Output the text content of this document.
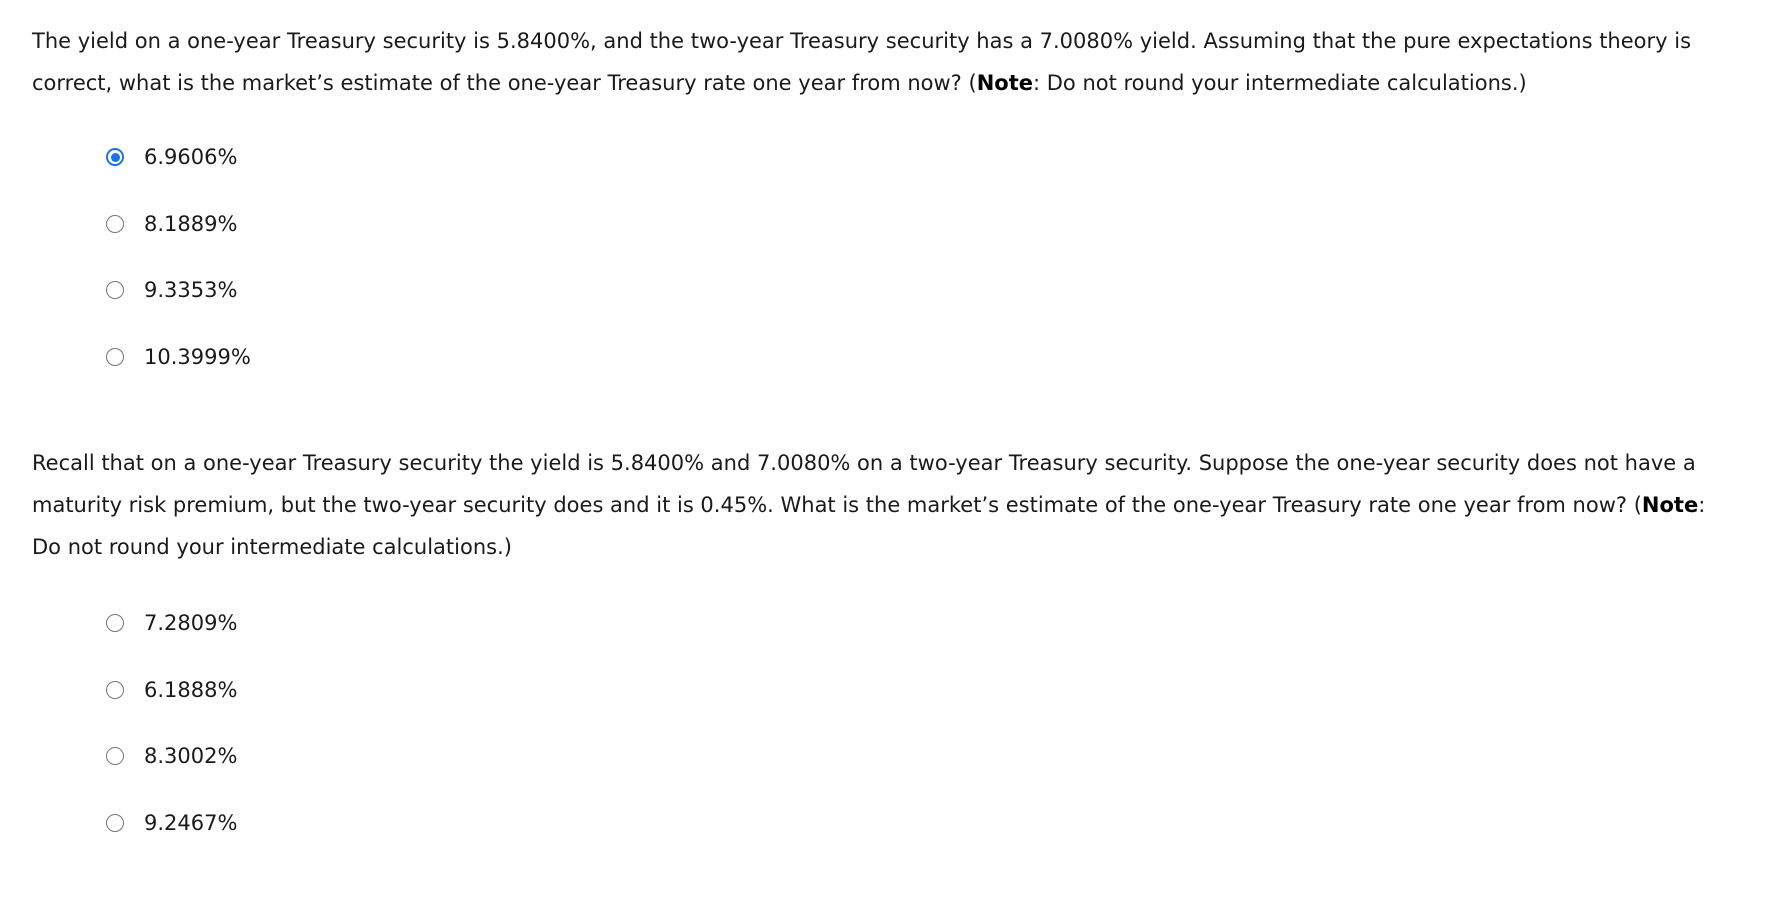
The yield on a one-year Treasury security is 5.8400%, and the two-year Treasury security has a 7.0080% yield. Assuming that the pure expectations theory is correct, what is the market’s estimate of the one-year Treasury rate one year from now? (Note: Do not round your intermediate calculations.)

6.9606%
8.1889%
9.3353%
10.3999%

Recall that on a one-year Treasury security the yield is 5.8400% and 7.0080% on a two-year Treasury security. Suppose the one-year security does not have a maturity risk premium, but the two-year security does and it is 0.45%. What is the market’s estimate of the one-year Treasury rate one year from now? (Note: Do not round your intermediate calculations.)

7.2809%
6.1888%
8.3002%
9.2467%
